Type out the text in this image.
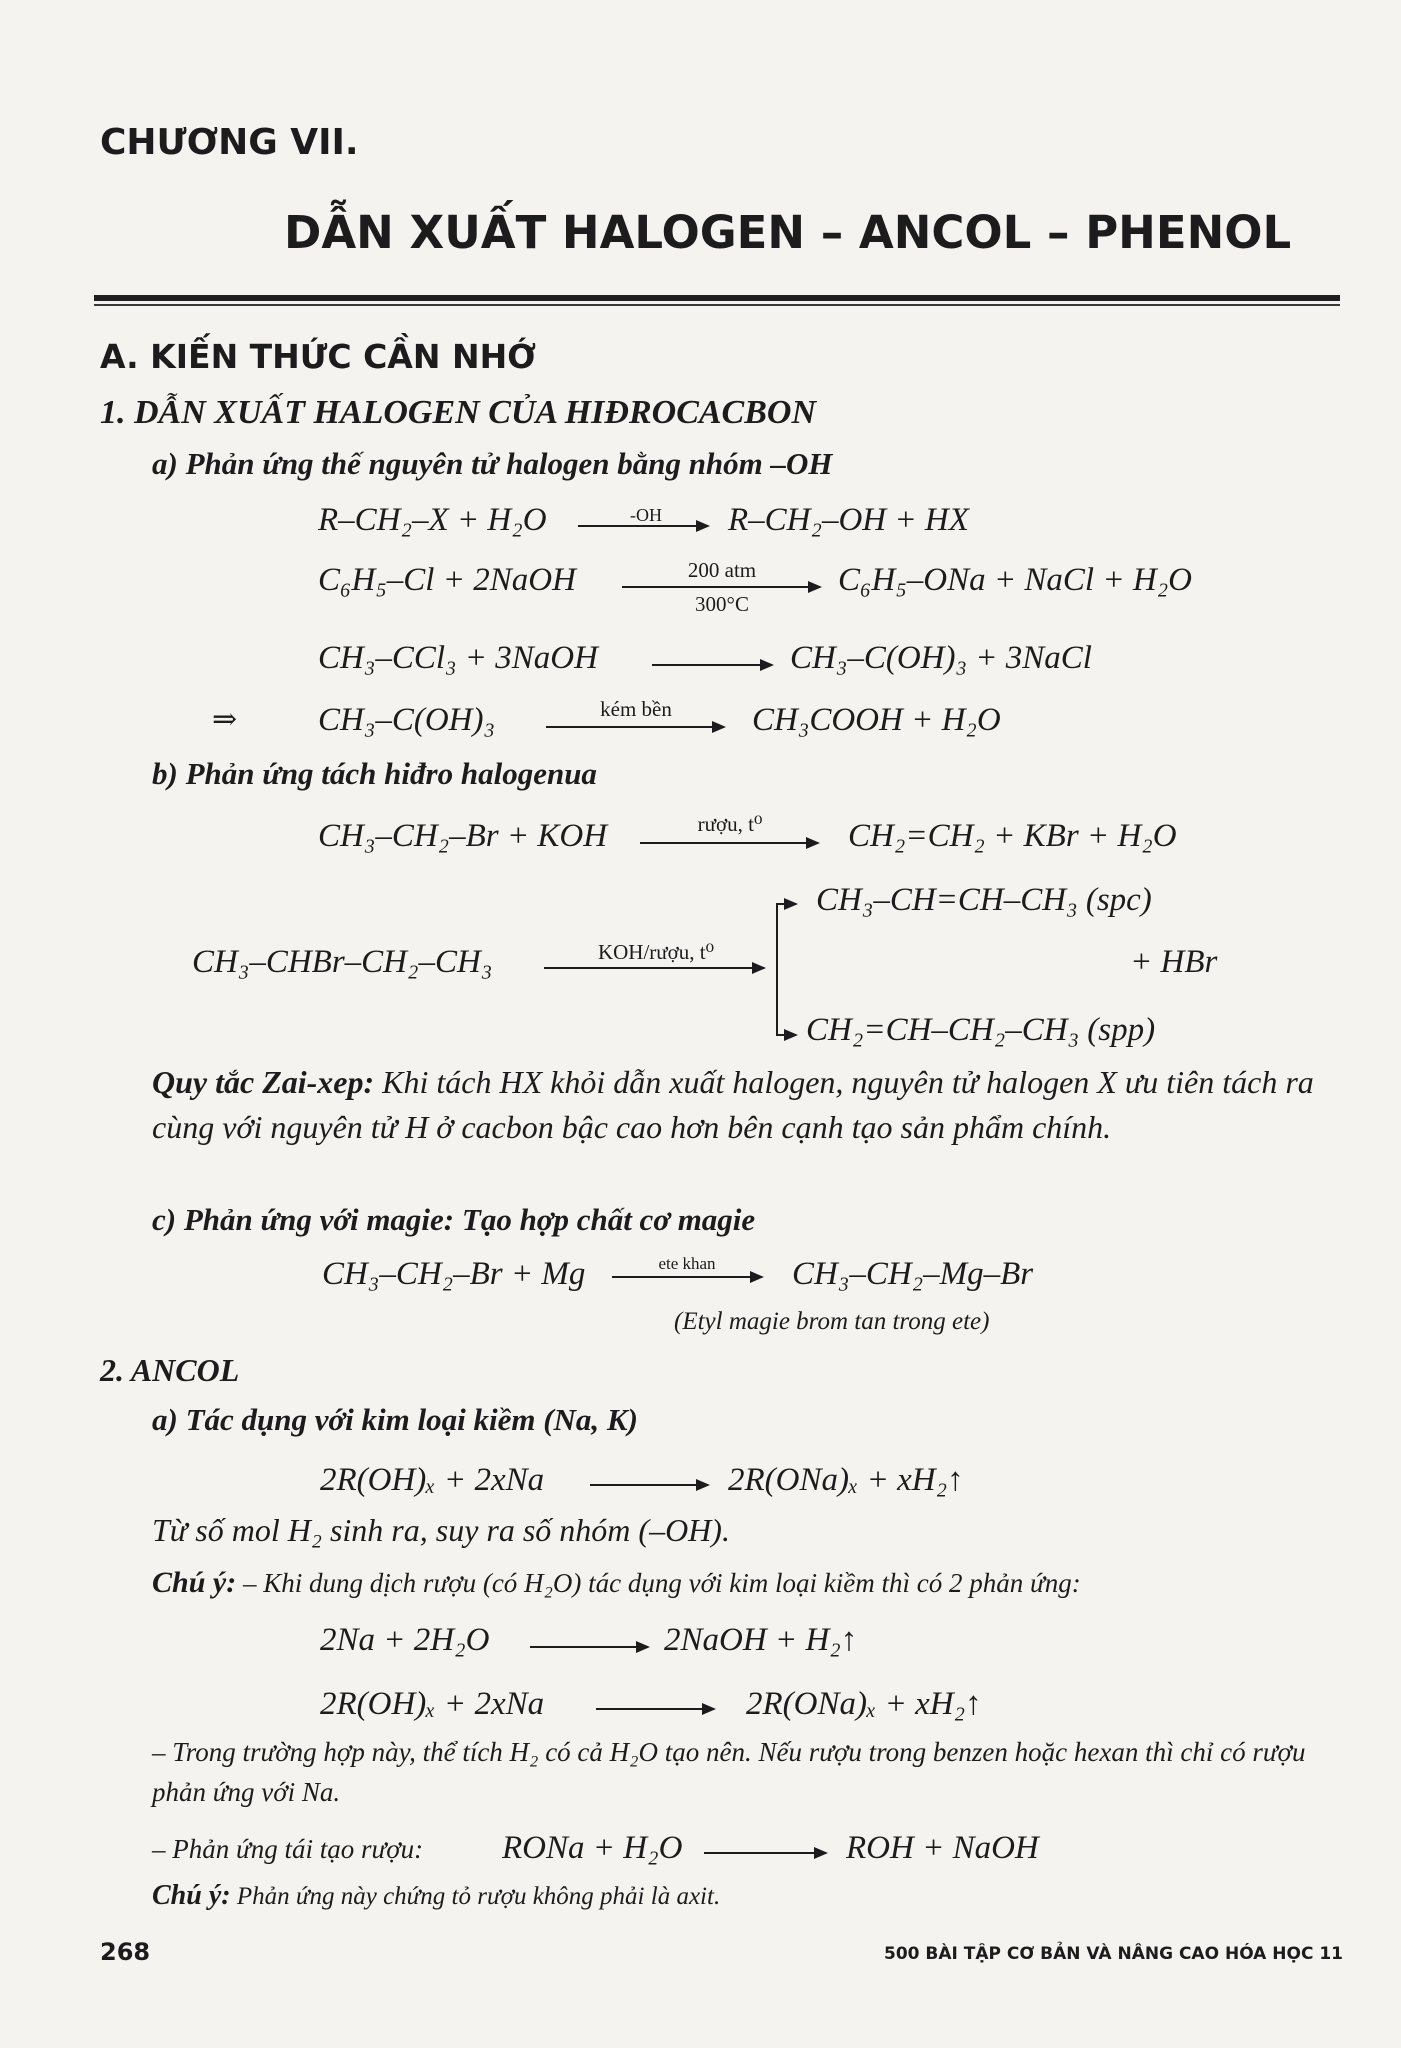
CHƯƠNG VII.
DẪN XUẤT HALOGEN – ANCOL – PHENOL
A. KIẾN THỨC CẦN NHỚ
1. DẪN XUẤT HALOGEN CỦA HIĐROCACBON
a) Phản ứng thế nguyên tử halogen bằng nhóm –OH
R–CH₂–X + H₂O	-OH	R–CH₂–OH + HX
C₆H₅–Cl + 2NaOH	200 atm
300°C
C₆H₅–ONa + NaCl + H₂O
CH₃–CCl₃ + 3NaOH	CH₃–C(OH)₃ + 3NaCl
⇒ CH₃–C(OH)₃	kém bền	CH₃COOH + H₂O
b) Phản ứng tách hiđro halogenua
CH₃–CH₂–Br + KOH	rượu, t⁰	CH₂=CH₂ + KBr + H₂O
CH₃–CHBr–CH₂–CH₃	KOH/rượu, t⁰
CH₃–CH=CH–CH₃ (spc)
+ HBr
CH₂=CH–CH₂–CH₃ (spp)
Quy tắc Zai-xep: Khi tách HX khỏi dẫn xuất halogen, nguyên tử halogen X ưu tiên tách ra cùng với nguyên tử H ở cacbon bậc cao hơn bên cạnh tạo sản phẩm chính.
c) Phản ứng với magie: Tạo hợp chất cơ magie
CH₃–CH₂–Br + Mg	ete khan	CH₃–CH₂–Mg–Br
(Etyl magie brom tan trong ete)
2. ANCOL
a) Tác dụng với kim loại kiềm (Na, K)
2R(OH)ₓ + 2xNa	2R(ONa)ₓ + xH₂↑
Từ số mol H₂ sinh ra, suy ra số nhóm (–OH).
Chú ý: – Khi dung dịch rượu (có H₂O) tác dụng với kim loại kiềm thì có 2 phản ứng:
2Na + 2H₂O	2NaOH + H₂↑
2R(OH)ₓ + 2xNa	2R(ONa)ₓ + xH₂↑
– Trong trường hợp này, thể tích H₂ có cả H₂O tạo nên. Nếu rượu trong benzen hoặc hexan thì chỉ có rượu phản ứng với Na.
– Phản ứng tái tạo rượu: RONa + H₂O	ROH + NaOH
Chú ý: Phản ứng này chứng tỏ rượu không phải là axit.
268	500 BÀI TẬP CƠ BẢN VÀ NÂNG CAO HÓA HỌC 11
